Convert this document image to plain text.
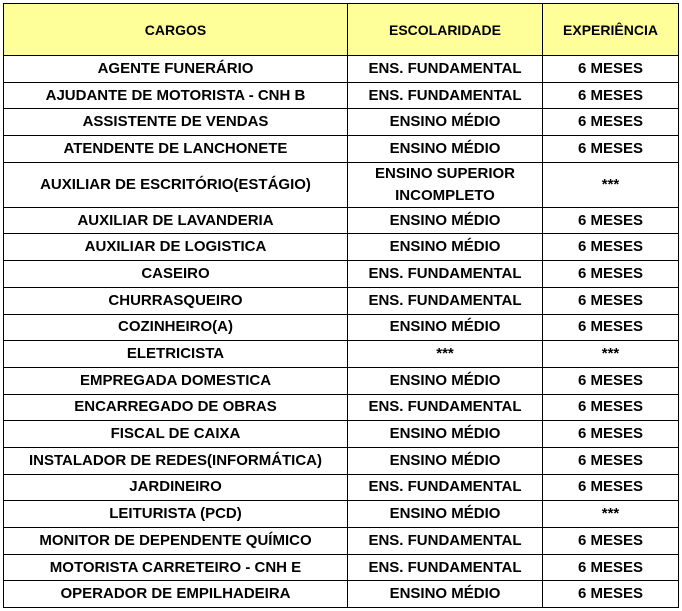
CARGOS	ESCOLARIDADE	EXPERIÊNCIA
AGENTE FUNERÁRIO	ENS. FUNDAMENTAL	6 MESES
AJUDANTE DE MOTORISTA - CNH B	ENS. FUNDAMENTAL	6 MESES
ASSISTENTE DE VENDAS	ENSINO MÉDIO	6 MESES
ATENDENTE DE LANCHONETE	ENSINO MÉDIO	6 MESES
AUXILIAR DE ESCRITÓRIO(ESTÁGIO)	ENSINO SUPERIOR INCOMPLETO	***
AUXILIAR DE LAVANDERIA	ENSINO MÉDIO	6 MESES
AUXILIAR DE LOGISTICA	ENSINO MÉDIO	6 MESES
CASEIRO	ENS. FUNDAMENTAL	6 MESES
CHURRASQUEIRO	ENS. FUNDAMENTAL	6 MESES
COZINHEIRO(A)	ENSINO MÉDIO	6 MESES
ELETRICISTA	***	***
EMPREGADA DOMESTICA	ENSINO MÉDIO	6 MESES
ENCARREGADO DE OBRAS	ENS. FUNDAMENTAL	6 MESES
FISCAL DE CAIXA	ENSINO MÉDIO	6 MESES
INSTALADOR DE REDES(INFORMÁTICA)	ENSINO MÉDIO	6 MESES
JARDINEIRO	ENS. FUNDAMENTAL	6 MESES
LEITURISTA (PCD)	ENSINO MÉDIO	***
MONITOR DE DEPENDENTE QUÍMICO	ENS. FUNDAMENTAL	6 MESES
MOTORISTA CARRETEIRO - CNH E	ENS. FUNDAMENTAL	6 MESES
OPERADOR DE EMPILHADEIRA	ENSINO MÉDIO	6 MESES
